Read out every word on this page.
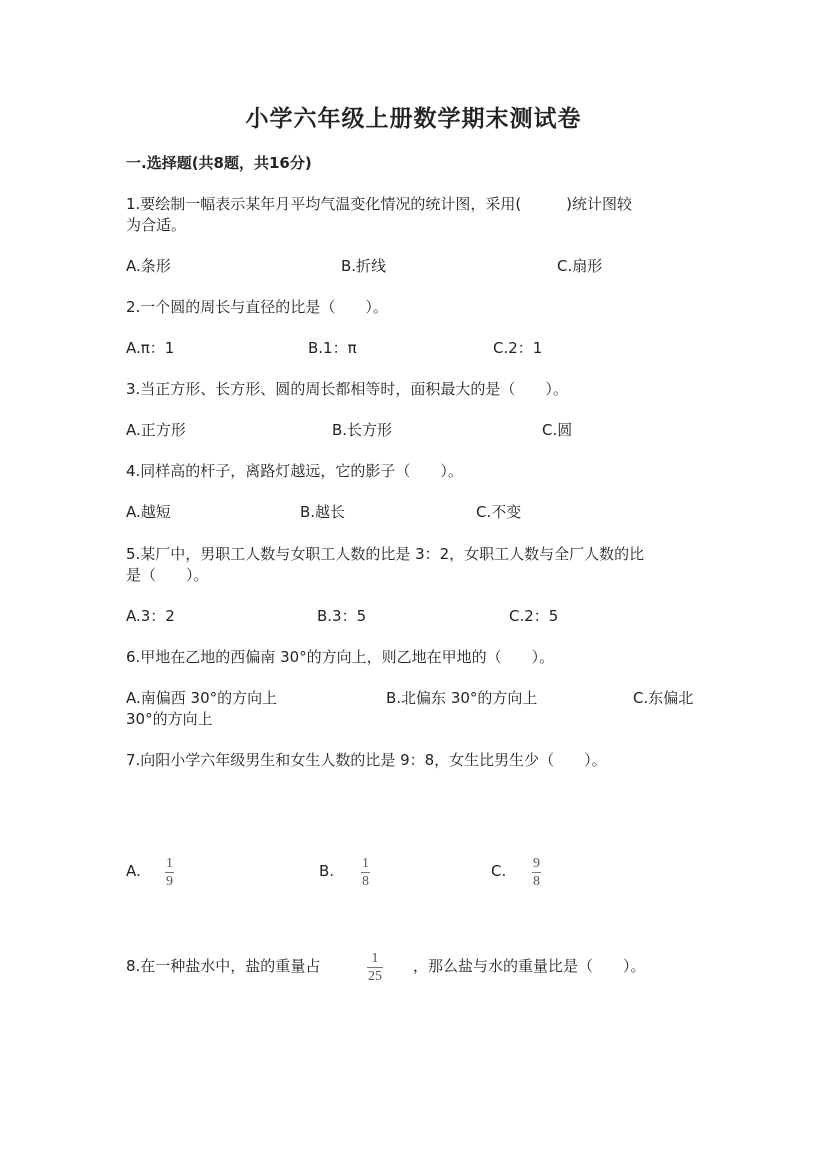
小学六年级上册数学期末测试卷
一.选择题(共8题，共16分)
1.要绘制一幅表示某年月平均气温变化情况的统计图，采用(　　　)统计图较
为合适。
A.条形	B.折线	C.扇形
2.一个圆的周长与直径的比是（　　）。
A.π：1	B.1：π	C.2：1
3.当正方形、长方形、圆的周长都相等时，面积最大的是（　　）。
A.正方形	B.长方形	C.圆
4.同样高的杆子，离路灯越远，它的影子（　　）。
A.越短	B.越长	C.不变
5.某厂中，男职工人数与女职工人数的比是 3：2，女职工人数与全厂人数的比
是（　　）。
A.3：2	B.3：5	C.2：5
6.甲地在乙地的西偏南 30°的方向上，则乙地在甲地的（　　）。
A.南偏西 30°的方向上	B.北偏东 30°的方向上	C.东偏北
30°的方向上
7.向阳小学六年级男生和女生人数的比是 9：8，女生比男生少（　　）。
A. 1
9
B. 1
8
C. 9
8
8.在一种盐水中，盐的重量占	1
25
，那么盐与水的重量比是（　　）。
